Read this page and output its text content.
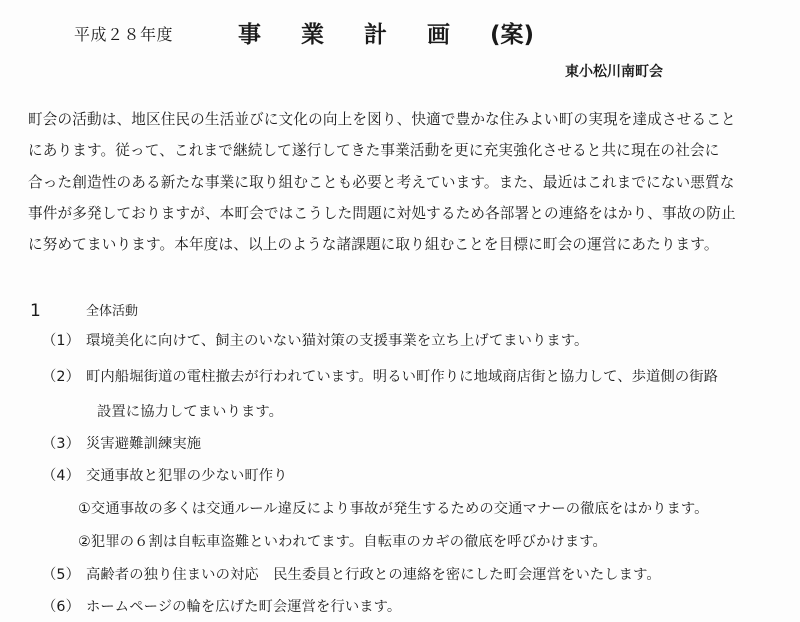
平成２８年度	事業計画(案)
東小松川南町会
町会の活動は、地区住民の生活並びに文化の向上を図り、快適で豊かな住みよい町の実現を達成させること
にあります。従って、これまで継続して遂行してきた事業活動を更に充実強化させると共に現在の社会に
合った創造性のある新たな事業に取り組むことも必要と考えています。また、最近はこれまでにない悪質な
事件が多発しておりますが、本町会ではこうした問題に対処するため各部署との連絡をはかり、事故の防止
に努めてまいります。本年度は、以上のような諸課題に取り組むことを目標に町会の運営にあたります。
1	全体活動
（1） 環境美化に向けて、飼主のいない猫対策の支援事業を立ち上げてまいります。
（2） 町内船堀街道の電柱撤去が行われています。明るい町作りに地域商店街と協力して、歩道側の街路
設置に協力してまいります。
（3） 災害避難訓練実施
（4） 交通事故と犯罪の少ない町作り
①交通事故の多くは交通ルール違反により事故が発生するための交通マナーの徹底をはかります。
②犯罪の６割は自転車盗難といわれてます。自転車のカギの徹底を呼びかけます。
（5） 高齢者の独り住まいの対応　民生委員と行政との連絡を密にした町会運営をいたします。
（6） ホームページの輪を広げた町会運営を行います。
